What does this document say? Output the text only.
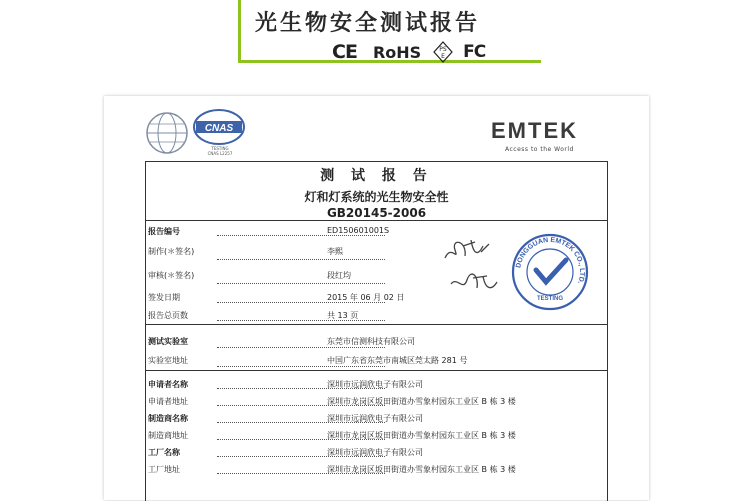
光生物安全测试报告
CE RoHS	PS
E FC
CNAS
TESTING
CNAS L2257
EMTEK
Access to the World
测 试 报 告
灯和灯系统的光生物安全性
GB20145-2006
报告编号	ED150601001S
制作(＊签名)	李熙
审核(＊签名)	段红均
签发日期	2015 年 06 月 02 日
报告总页数	共 13 页
测试实验室	东莞市信测科技有限公司
实验室地址	中国广东省东莞市南城区莞太路 281 号
申请者名称	深圳市远润欣电子有限公司
申请者地址	深圳市龙岗区坂田街道办雪象村园东工业区 B 栋 3 楼
制造商名称	深圳市远润欣电子有限公司
制造商地址	深圳市龙岗区坂田街道办雪象村园东工业区 B 栋 3 楼
工厂名称	深圳市远润欣电子有限公司
工厂地址	深圳市龙岗区坂田街道办雪象村园东工业区 B 栋 3 楼
DONGGUAN EMTEK CO., LTD.
TESTING
